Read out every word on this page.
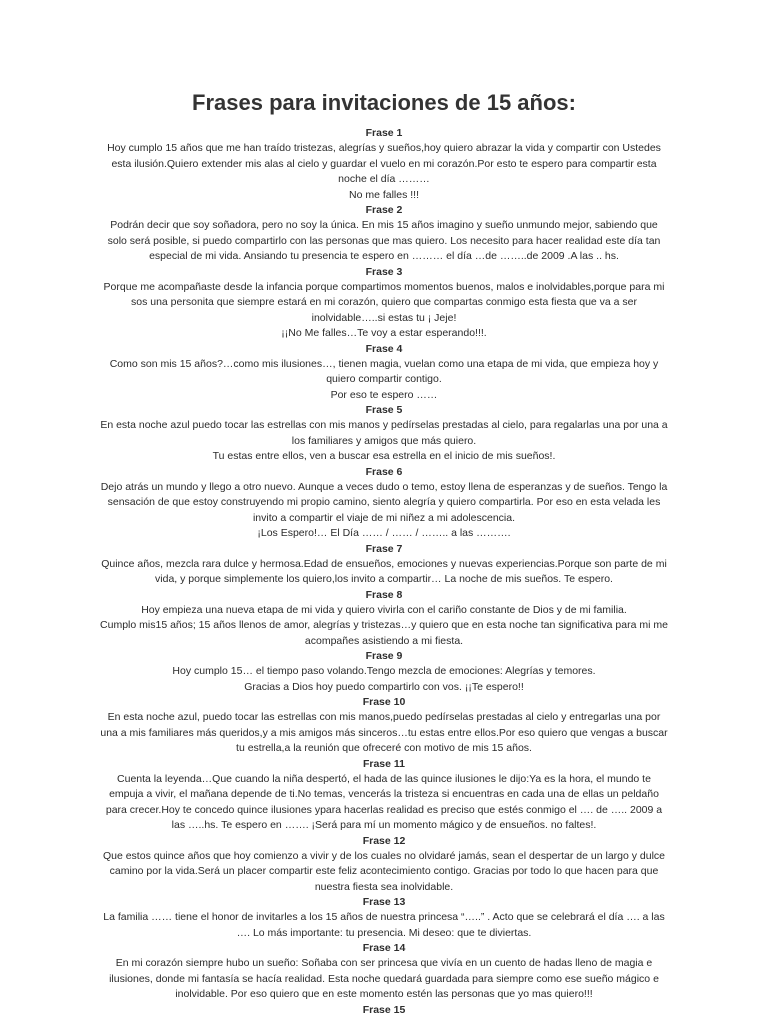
Frases para invitaciones de 15 años:
Frase 1
Hoy cumplo 15 años que me han traído tristezas, alegrías y sueños,hoy quiero abrazar la vida y compartir con Ustedes esta ilusión.Quiero extender mis alas al cielo y guardar el vuelo en mi corazón.Por esto te espero para compartir esta noche el día ………
No me falles !!!
Frase 2
Podrán decir que soy soñadora, pero no soy la única. En mis 15 años imagino y sueño unmundo mejor, sabiendo que solo será posible, si puedo compartirlo con las personas que mas quiero. Los necesito para hacer realidad este día tan especial de mi vida. Ansiando tu presencia te espero en ……… el día …de ……..de 2009 .A las .. hs.
Frase 3
Porque me acompañaste desde la infancia porque compartimos momentos buenos, malos e inolvidables,porque para mi sos una personita que siempre estará en mi corazón, quiero que compartas conmigo esta fiesta que va a ser inolvidable…..si estas tu ¡ Jeje!
¡¡No Me falles…Te voy a estar esperando!!!.
Frase 4
Como son mis 15 años?…como mis ilusiones…, tienen magia, vuelan como una etapa de mi vida, que empieza hoy y quiero compartir contigo.
Por eso te espero ……
Frase 5
En esta noche azul puedo tocar las estrellas con mis manos y pedírselas prestadas al cielo, para regalarlas una por una a los familiares y amigos que más quiero.
Tu estas entre ellos, ven a buscar esa estrella en el inicio de mis sueños!.
Frase 6
Dejo atrás un mundo y llego a otro nuevo. Aunque a veces dudo o temo, estoy llena de esperanzas y de sueños. Tengo la sensación de que estoy construyendo mi propio camino, siento alegría y quiero compartirla. Por eso en esta velada les invito a compartir el viaje de mi niñez a mi adolescencia.
¡Los Espero!… El Día …… / …… / …….. a las ……….
Frase 7
Quince años, mezcla rara dulce y hermosa.Edad de ensueños, emociones y nuevas experiencias.Porque son parte de mi vida, y porque simplemente los quiero,los invito a compartir… La noche de mis sueños. Te espero.
Frase 8
Hoy empieza una nueva etapa de mi vida y quiero vivirla con el cariño constante de Dios y de mi familia.
Cumplo mis15 años; 15 años llenos de amor, alegrías y tristezas…y quiero que en esta noche tan significativa para mi me acompañes asistiendo a mi fiesta.
Frase 9
Hoy cumplo 15… el tiempo paso volando.Tengo mezcla de emociones: Alegrías y temores.
Gracias a Dios hoy puedo compartirlo con vos. ¡¡Te espero!!
Frase 10
En esta noche azul, puedo tocar las estrellas con mis manos,puedo pedírselas prestadas al cielo y entregarlas una por una a mis familiares más queridos,y a mis amigos más sinceros…tu estas entre ellos.Por eso quiero que vengas a buscar tu estrella,a la reunión que ofreceré con motivo de mis 15 años.
Frase 11
Cuenta la leyenda…Que cuando la niña despertó, el hada de las quince ilusiones le dijo:Ya es la hora, el mundo te empuja a vivir, el mañana depende de ti.No temas, vencerás la tristeza si encuentras en cada una de ellas un peldaño para crecer.Hoy te concedo quince ilusiones ypara hacerlas realidad es preciso que estés conmigo el …. de ….. 2009 a las …..hs. Te espero en ……. ¡Será para mí un momento mágico y de ensueños. no faltes!.
Frase 12
Que estos quince años que hoy comienzo a vivir y de los cuales no olvidaré jamás, sean el despertar de un largo y dulce camino por la vida.Será un placer compartir este feliz acontecimiento contigo. Gracias por todo lo que hacen para que nuestra fiesta sea inolvidable.
Frase 13
La familia …… tiene el honor de invitarles a los 15 años de nuestra princesa “…..” . Acto que se celebrará el día …. a las …. Lo más importante: tu presencia. Mi deseo: que te diviertas.
Frase 14
En mi corazón siempre hubo un sueño: Soñaba con ser princesa que vivía en un cuento de hadas lleno de magia e ilusiones, donde mi fantasía se hacía realidad. Esta noche quedará guardada para siempre como ese sueño mágico e inolvidable. Por eso quiero que en este momento estén las personas que yo mas quiero!!!
Frase 15
